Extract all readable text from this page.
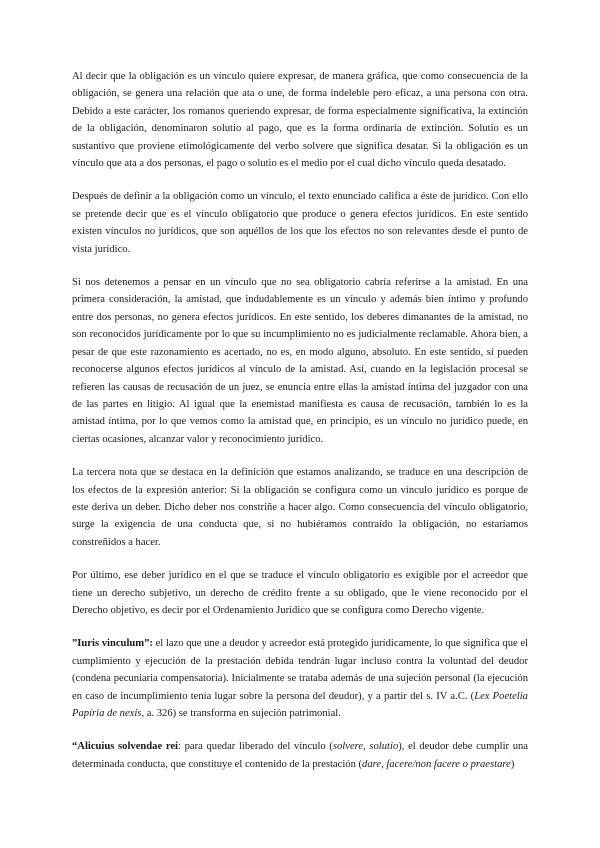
Al decir que la obligación es un vínculo quiere expresar, de manera gráfica, que como consecuencia de la obligación, se genera una relación que ata o une, de forma indeleble pero eficaz, a una persona con otra. Debido a este carácter, los romanos queriendo expresar, de forma especialmente significativa, la extinción de la obligación, denominaron solutio al pago, que es la forma ordinaria de extinción. Solutio es un sustantivo que proviene etimológicamente del verbo solvere que significa desatar. Si la obligación es un vínculo que ata a dos personas, el pago o solutio es el medio por el cual dicho vínculo queda desatado.

Después de definir a la obligación como un vínculo, el texto enunciado califica a éste de jurídico. Con ello se pretende decir que es el vínculo obligatorio que produce o genera efectos jurídicos. En este sentido existen vínculos no jurídicos, que son aquéllos de los que los efectos no son relevantes desde el punto de vista jurídico.

Si nos detenemos a pensar en un vínculo que no sea obligatorio cabría referirse a la amistad. En una primera consideración, la amistad, que indudablemente es un vínculo y además bien íntimo y profundo entre dos personas, no genera efectos jurídicos. En este sentido, los deberes dimanantes de la amistad, no son reconocidos jurídicamente por lo que su incumplimiento no es judicialmente reclamable. Ahora bien, a pesar de que este razonamiento es acertado, no es, en modo alguno, absoluto. En este sentido, sí pueden reconocerse algunos efectos jurídicos al vínculo de la amistad. Así, cuando en la legislación procesal se refieren las causas de recusación de un juez, se enuncia entre ellas la amistad íntima del juzgador con una de las partes en litigio. Al igual que la enemistad manifiesta es causa de recusación, también lo es la amistad íntima, por lo que vemos como la amistad que, en principio, es un vínculo no jurídico puede, en ciertas ocasiones, alcanzar valor y reconocimiento jurídico.

La tercera nota que se destaca en la definición que estamos analizando, se traduce en una descripción de los efectos de la expresión anterior: Si la obligación se configura como un vínculo jurídico es porque de este deriva un deber. Dicho deber nos constriñe a hacer algo. Como consecuencia del vínculo obligatorio, surge la exigencia de una conducta que, si no hubiéramos contraído la obligación, no estaríamos constreñidos a hacer.

Por último, ese deber jurídico en el que se traduce el vínculo obligatorio es exigible por el acreedor que tiene un derecho subjetivo, un derecho de crédito frente a su obligado, que le viene reconocido por el Derecho objetivo, es decir por el Ordenamiento Jurídico que se configura como Derecho vigente.

”Iuris vinculum”: el lazo que une a deudor y acreedor está protegido jurídicamente, lo que significa que el cumplimiento y ejecución de la prestación debida tendrán lugar incluso contra la voluntad del deudor (condena pecuniaria compensatoria). Inicialmente se trataba además de una sujeción personal (la ejecución en caso de incumplimiento tenía lugar sobre la persona del deudor), y a partir del s. IV a.C. (Lex Poetelia Papiria de nexis, a. 326) se transforma en sujeción patrimonial.

“Alicuius solvendae rei: para quedar liberado del vínculo (solvere, solutio), el deudor debe cumplir una determinada conducta, que constituye el contenido de la prestación (dare, facere/non facere o praestare)
